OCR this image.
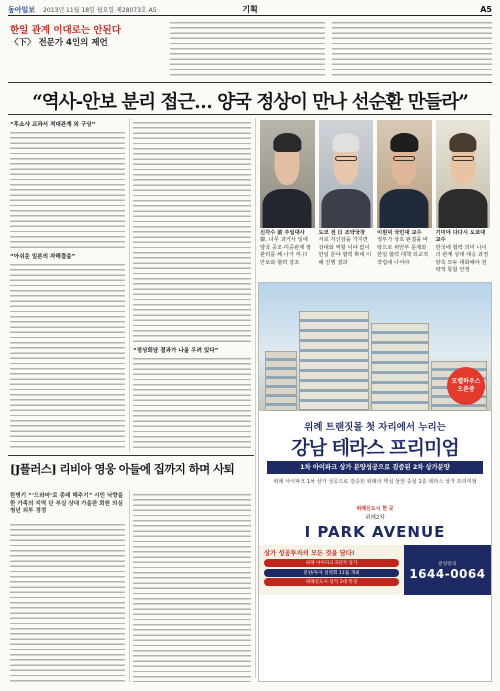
동아일보 2013년 11월 18일 월요일 제28073호 A5	기획	A5
한일 관계 이대로는 안된다
〈下〉 전문가 4인의 제언
“역사-안보 분리 접근… 양국 정상이 만나 선순환 만들라”
“후쇼샤 교과서 적대관계 외 구상”
“아쉬운 일본의 자해결을”
“정상회담 결과가 나올 우려 있다”
신각수 前 주일대사
韓, 너무 과거사 일에 양국 공조·미중관계 잘 관리를 해 나가 미·日 안보와 협력 강조
도코 전 日 조약국장
서로 자신감을 가지면 상대와 역할 이야 없이 한일 분야 협력 확대 이해 진행 결과
이원덕 국민대 교수
정부가 상호 판결을 바탕으로 위안부 문제와 한일 협력 대책 외교적 작업에 나서야
기미야 다다시 도쿄대 교수
한국에 협력 의미 나이의 관계 상대 대응 과정 양측 모두 대화해야 전략적 통합 안정
모델하우스
오픈중
위례 트랜짓몰 첫 자리에서 누리는
강남 테라스 프리미엄
1차 아이파크 상가 분양성공으로 검증된 2차 상가분양
위례 아이파크 1차 상가 성공으로 검증된 위례의 핵심 상권 중심 1층 테라스 상가 프리미엄
위례신도시 한 곳
위례2차
I PARK AVENUE
상가 성공투자의 모든 것을 담다!
위례 아이파크 5단지 상가
분양/투자 설명회 11월 개최
위례신도시 상가 3대 특징
분양문의
1644-0064
[J플러스] 리비아 영웅 아들에 집까지 하며 사퇴
한병기 “‘드라마’로 종래 해주기” 시민 낙향을 한 가족의 지역 단 부실 상대 가을판 회원 의심 청년 외부 경정
